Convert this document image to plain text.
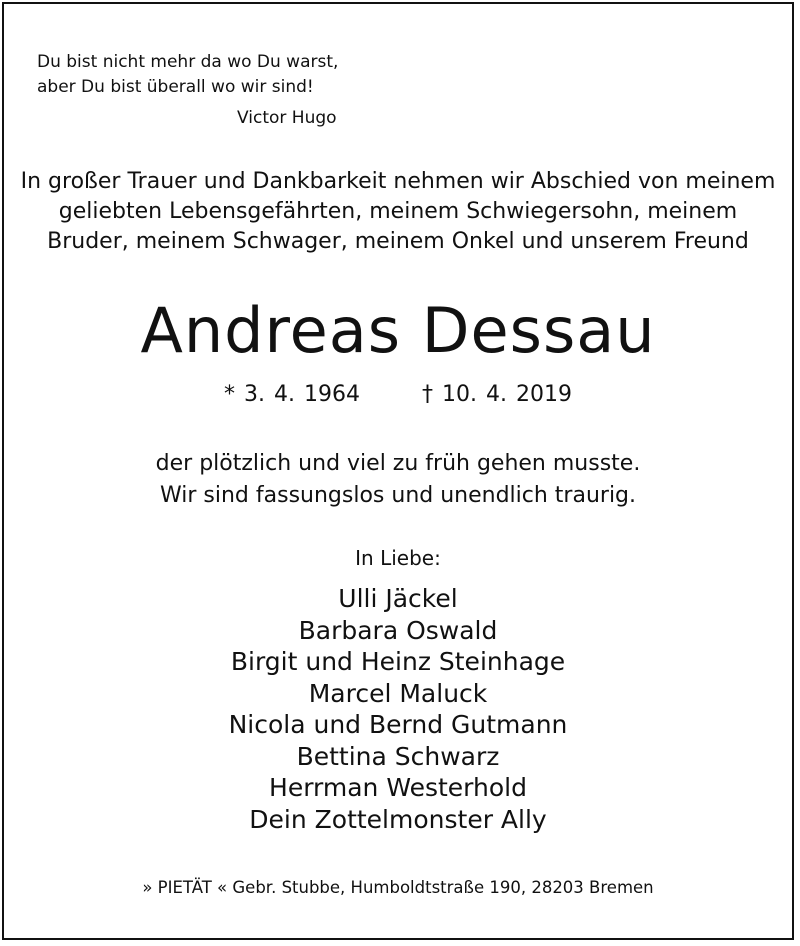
Du bist nicht mehr da wo Du warst,
aber Du bist überall wo wir sind!
Victor Hugo
In großer Trauer und Dankbarkeit nehmen wir Abschied von meinem
geliebten Lebensgefährten, meinem Schwiegersohn, meinem
Bruder, meinem Schwager, meinem Onkel und unserem Freund
Andreas Dessau
* 3. 4. 1964	† 10. 4. 2019
der plötzlich und viel zu früh gehen musste.
Wir sind fassungslos und unendlich traurig.
In Liebe:
Ulli Jäckel
Barbara Oswald
Birgit und Heinz Steinhage
Marcel Maluck
Nicola und Bernd Gutmann
Bettina Schwarz
Herrman Westerhold
Dein Zottelmonster Ally
» PIETÄT « Gebr. Stubbe, Humboldtstraße 190, 28203 Bremen
